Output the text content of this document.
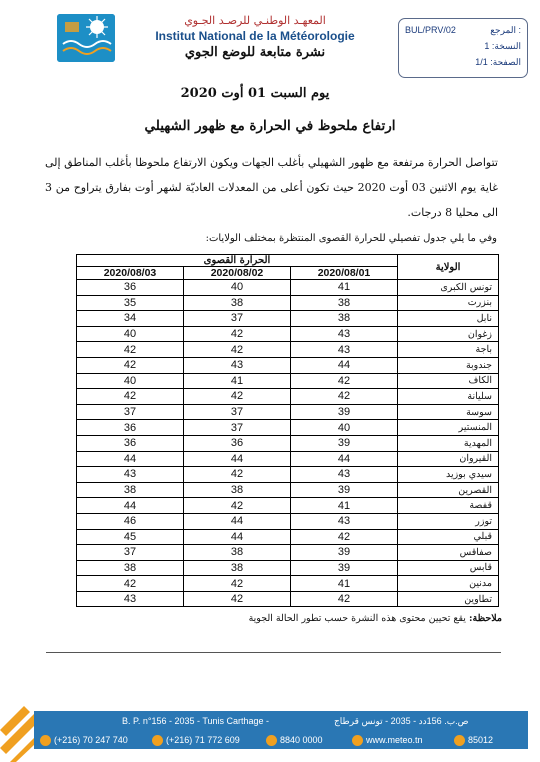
المعهـد الوطنـي للرصـد الجـوي
Institut National de la Météorologie
نشرة متابعة للوضع الجوي
المرجع :
BUL/PRV/02
النسخة: 1
الصفحة: 1/1
يوم السبت 01 أوت 2020
ارتفاع ملحوظ في الحرارة مع ظهور الشهيلي
تتواصل الحرارة مرتفعة مع ظهور الشهيلي بأغلب الجهات ويكون الارتفاع ملحوظا بأغلب المناطق إلى غاية يوم الاثنين 03 أوت 2020 حيث تكون أعلى من المعدلات العاديّة لشهر أوت بفارق يتراوح من 3 الى محليا 8 درجات.
وفي ما يلي جدول تفصيلي للحرارة القصوى المنتظرة بمختلف الولايات:
الولاية	الحرارة القصوى		
	2020/08/01	2020/08/02	2020/08/03
تونس الكبرى	41	40	36
بنزرت	38	38	35
نابل	38	37	34
زغوان	43	42	40
باجة	43	42	42
جندوبة	44	43	42
الكاف	42	41	40
سليانة	42	42	42
سوسة	39	37	37
المنستير	40	37	36
المهدية	39	36	36
القيروان	44	44	44
سيدي بوزيد	43	42	43
القصرين	39	38	38
قفصة	41	42	44
توزر	43	44	46
قبلي	42	44	45
صفاقس	39	38	37
قابس	39	38	38
مدنين	41	42	42
تطاوين	42	42	43
ملاحظة: يقع تحيين محتوى هذه النشرة حسب تطور الحالة الجوية
B. P. n°156 - 2035 - Tunis Carthage -	ص.ب. 156دد - 2035 - تونس قرطاج
(+216) 70 247 740	(+216) 71 772 609	8840 0000	www.meteo.tn	85012
